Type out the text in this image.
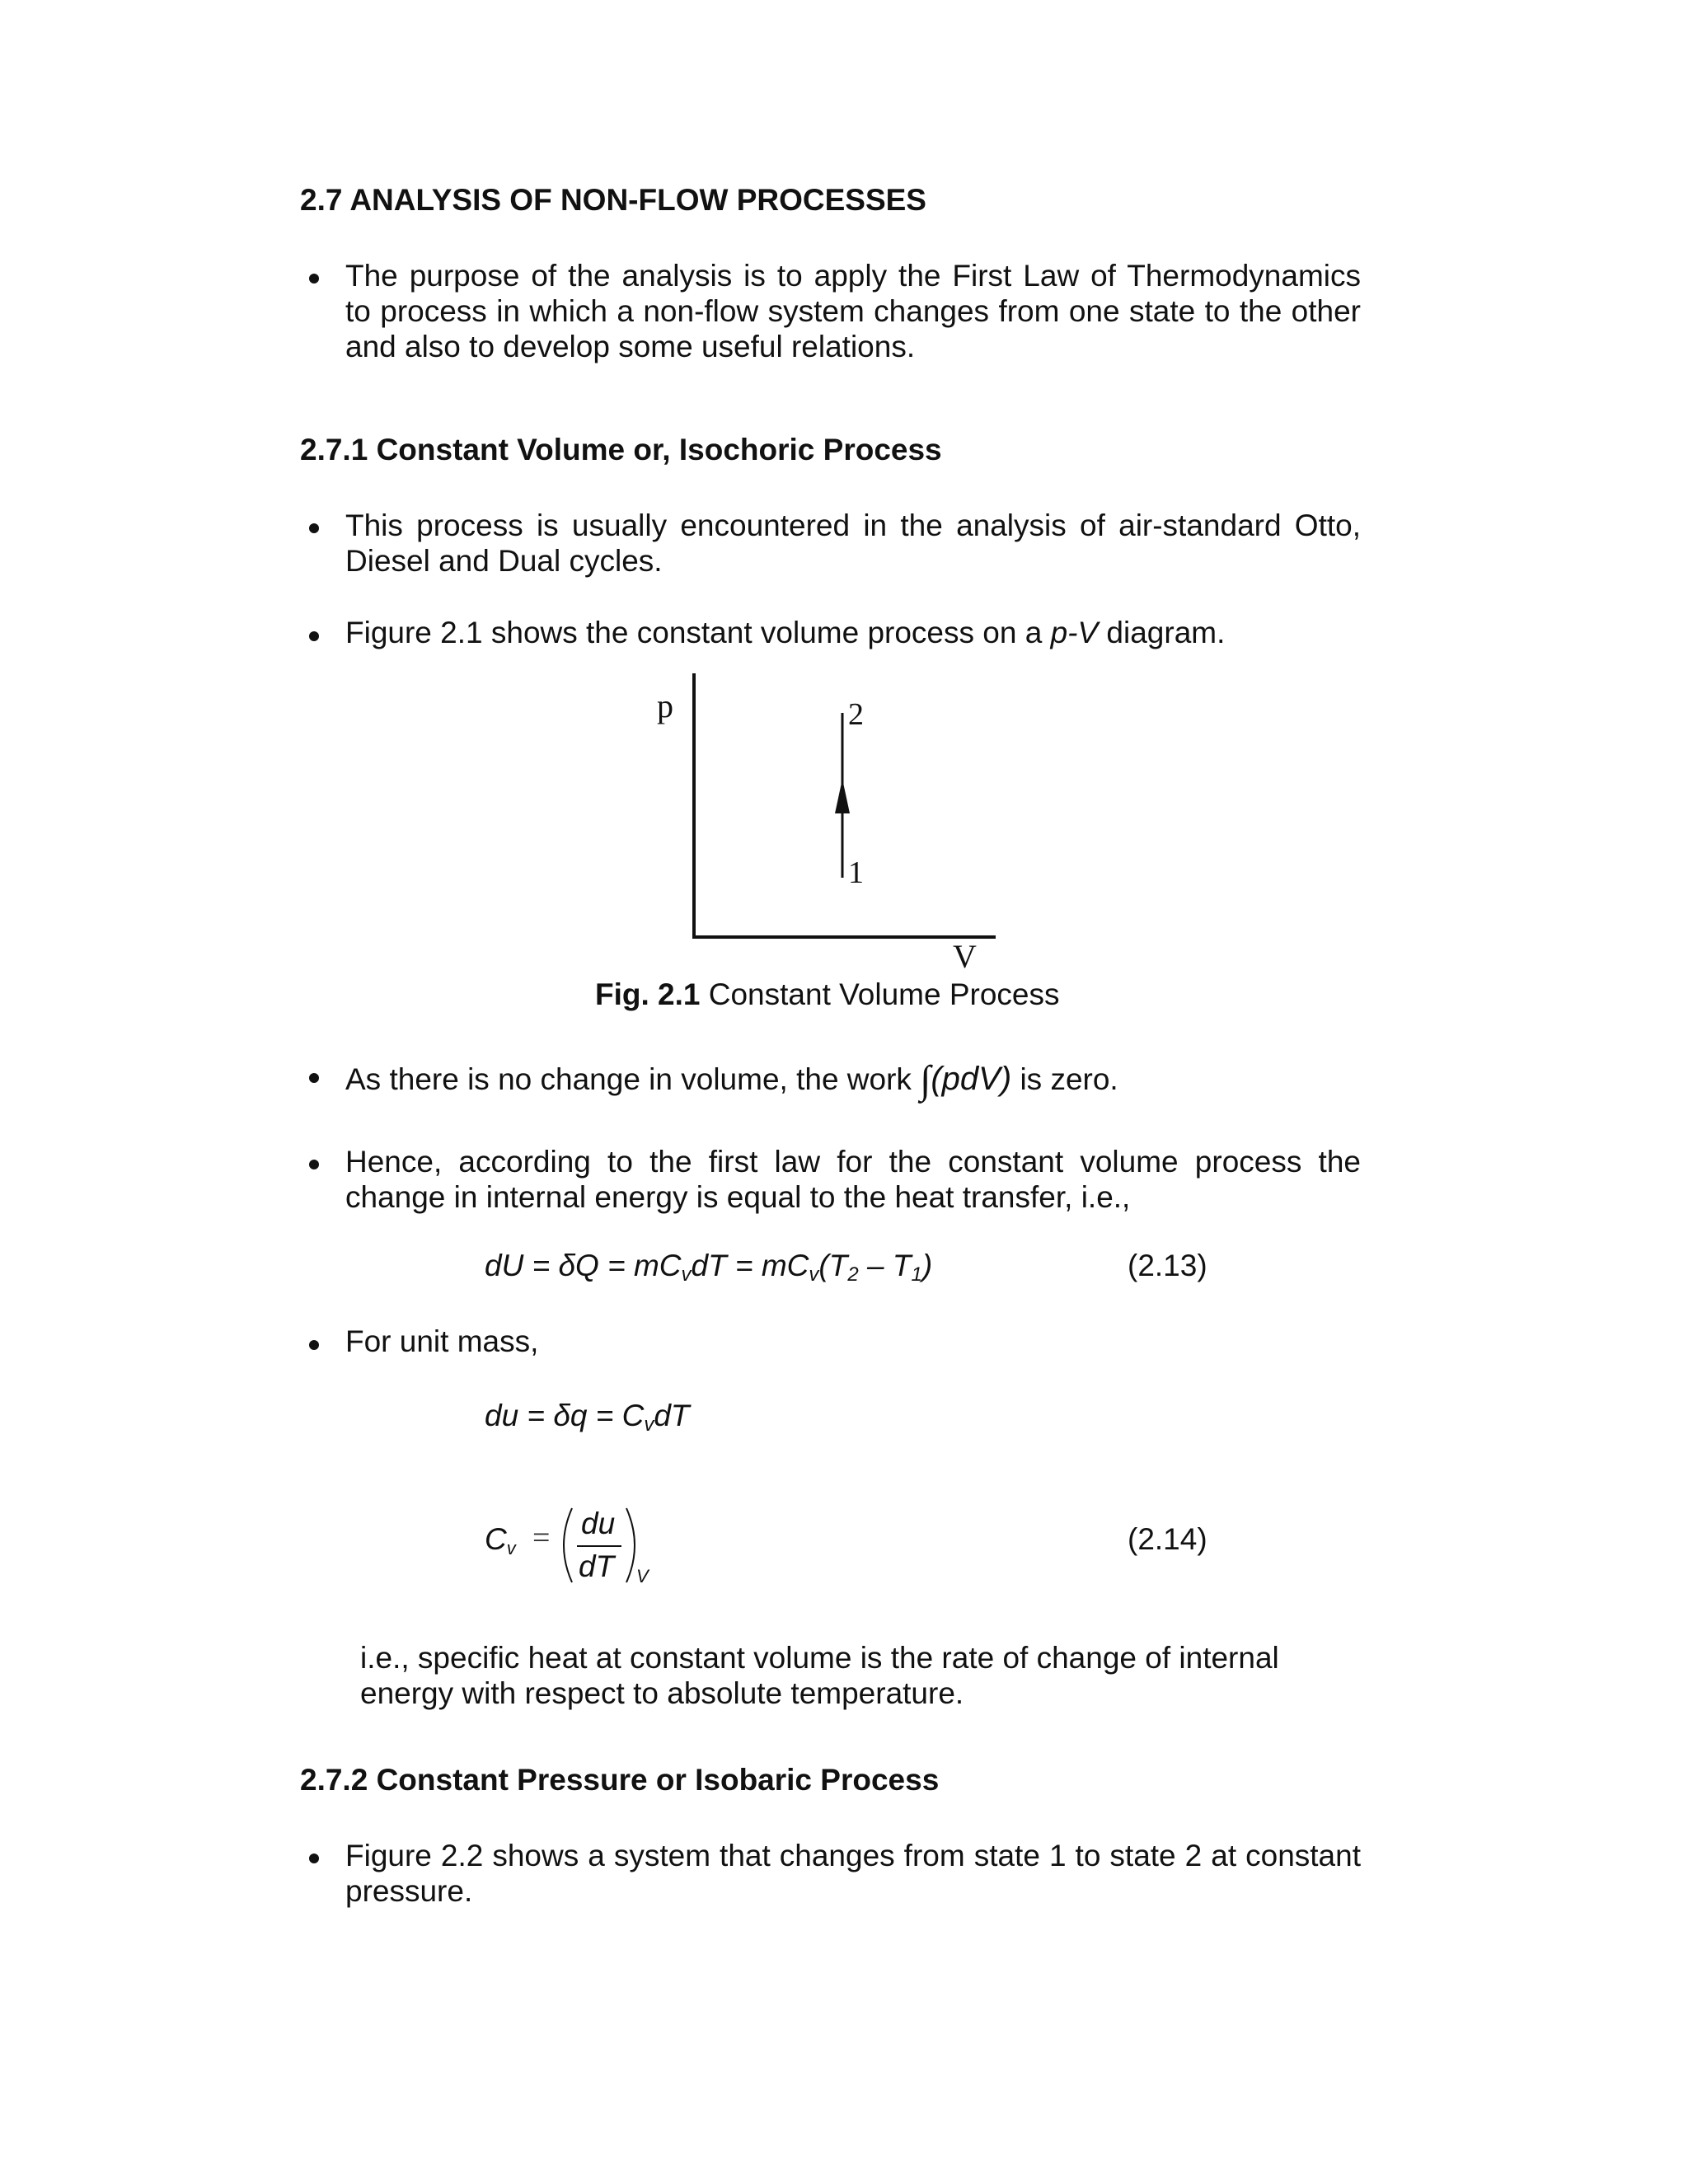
2.7 ANALYSIS OF NON-FLOW PROCESSES
The purpose of the analysis is to apply the First Law of Thermodynamics
to process in which a non-flow system changes from one state to the other
and also to develop some useful relations.
2.7.1 Constant Volume or, Isochoric Process
This process is usually encountered in the analysis of air-standard Otto,
Diesel and Dual cycles.
Figure 2.1 shows the constant volume process on a p-V diagram.
p	2
1
V
Fig. 2.1 Constant Volume Process
As there is no change in volume, the work ∫(pdV) is zero.
Hence, according to the first law for the constant volume process the
change in internal energy is equal to the heat transfer, i.e.,
dU = $\delta Q = mC_vdT = mC_v(T_2 - T_1)$	(2.13)
For unit mass,
du = $\delta q = C_vdT$
$C_v$ = du
dT V
(2.14)
i.e., specific heat at constant volume is the rate of change of internal
energy with respect to absolute temperature.
2.7.2 Constant Pressure or Isobaric Process
Figure 2.2 shows a system that changes from state 1 to state 2 at constant
pressure.
